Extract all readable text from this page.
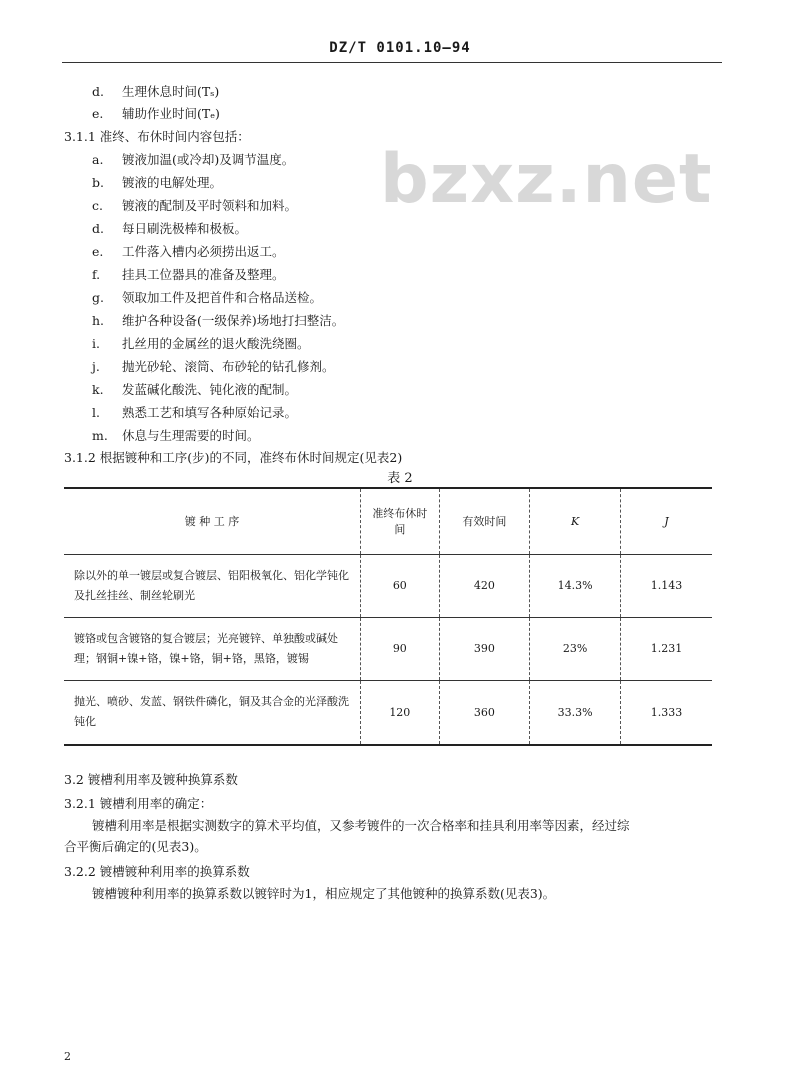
DZ/T 0101.10—94
bzxz.net
d. 生理休息时间(Tₛ)
e. 辅助作业时间(Tₑ)
3.1.1 准终、布休时间内容包括：
a. 镀液加温(或冷却)及调节温度。
b. 镀液的电解处理。
c. 镀液的配制及平时领料和加料。
d. 每日刷洗极棒和极板。
e. 工件落入槽内必须捞出返工。
f. 挂具工位器具的准备及整理。
g. 领取加工件及把首件和合格品送检。
h. 维护各种设备(一级保养)场地打扫整洁。
i. 扎丝用的金属丝的退火酸洗绕圈。
j. 抛光砂轮、滚筒、布砂轮的钻孔修剂。
k. 发蓝碱化酸洗、钝化液的配制。
l. 熟悉工艺和填写各种原始记录。
m. 休息与生理需要的时间。
3.1.2 根据镀种和工序(步)的不同，准终布休时间规定(见表2)
表 2
镀 种 工 序	准终布休时间	有效时间	K	J
除以外的单一镀层或复合镀层、铝阳极氧化、铝化学钝化及扎丝挂丝、制丝轮刷光	60	420	14.3%	1.143
镀铬或包含镀铬的复合镀层；光亮镀锌、单独酸或碱处理；钢铜+镍+铬，镍+铬，铜+铬，黑铬，镀锡	90	390	23%	1.231
抛光、喷砂、发蓝、钢铁件磷化，铜及其合金的光泽酸洗钝化	120	360	33.3%	1.333
3.2 镀槽利用率及镀种换算系数
3.2.1 镀槽利用率的确定：
镀槽利用率是根据实测数字的算术平均值，又参考镀件的一次合格率和挂具利用率等因素，经过综
合平衡后确定的(见表3)。
3.2.2 镀槽镀种利用率的换算系数
镀槽镀种利用率的换算系数以镀锌时为1，相应规定了其他镀种的换算系数(见表3)。
2
